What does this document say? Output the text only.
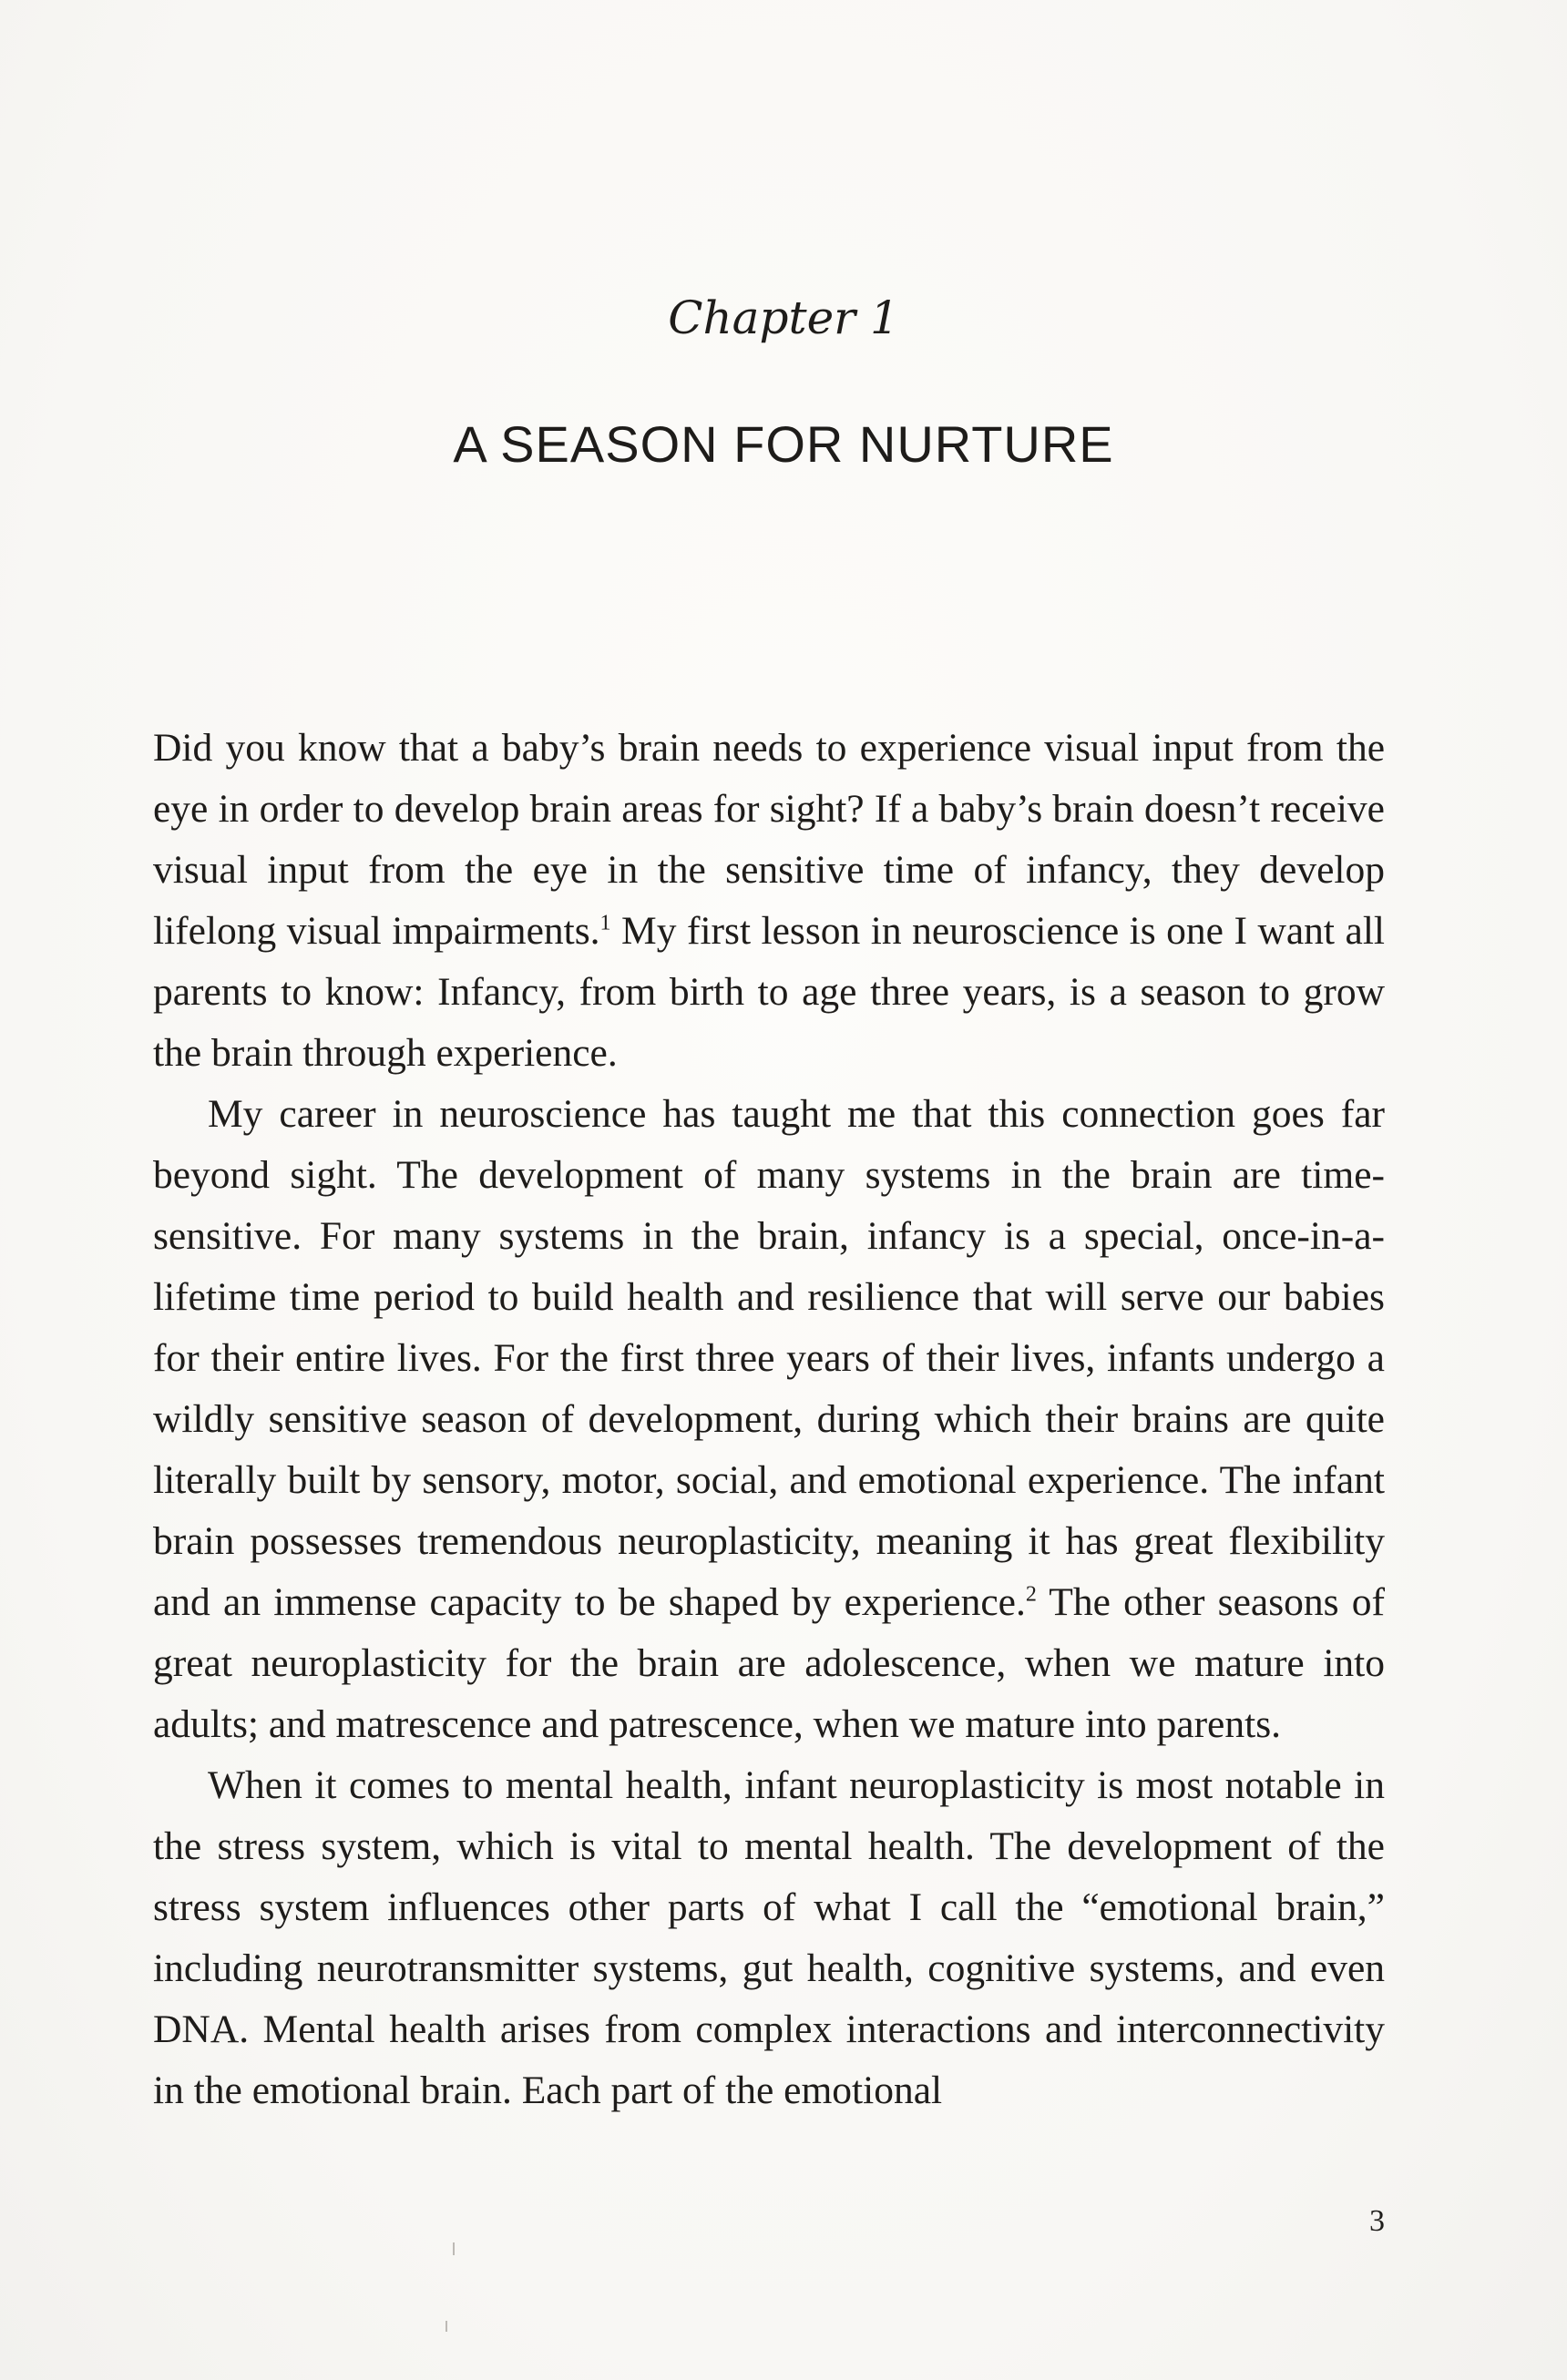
Chapter 1
A SEASON FOR NURTURE

Did you know that a baby’s brain needs to experience visual input from the eye in order to develop brain areas for sight? If a baby’s brain doesn’t receive visual input from the eye in the sensitive time of infancy, they develop lifelong visual impairments.$^1$ My first lesson in neuroscience is one I want all parents to know: Infancy, from birth to age three years, is a season to grow the brain through experience.

My career in neuroscience has taught me that this connection goes far beyond sight. The development of many systems in the brain are time-sensitive. For many systems in the brain, infancy is a special, once-in-a-lifetime time period to build health and resilience that will serve our babies for their entire lives. For the first three years of their lives, infants undergo a wildly sensitive season of development, during which their brains are quite literally built by sensory, motor, social, and emotional experience. The infant brain possesses tremendous neuroplasticity, meaning it has great flexibility and an immense capacity to be shaped by experience.$^2$ The other seasons of great neuroplasticity for the brain are adolescence, when we mature into adults; and matrescence and patrescence, when we mature into parents.

When it comes to mental health, infant neuroplasticity is most notable in the stress system, which is vital to mental health. The development of the stress system influences other parts of what I call the “emotional brain,” including neurotransmitter systems, gut health, cognitive systems, and even DNA. Mental health arises from complex interactions and interconnectivity in the emotional brain. Each part of the emotional

3
